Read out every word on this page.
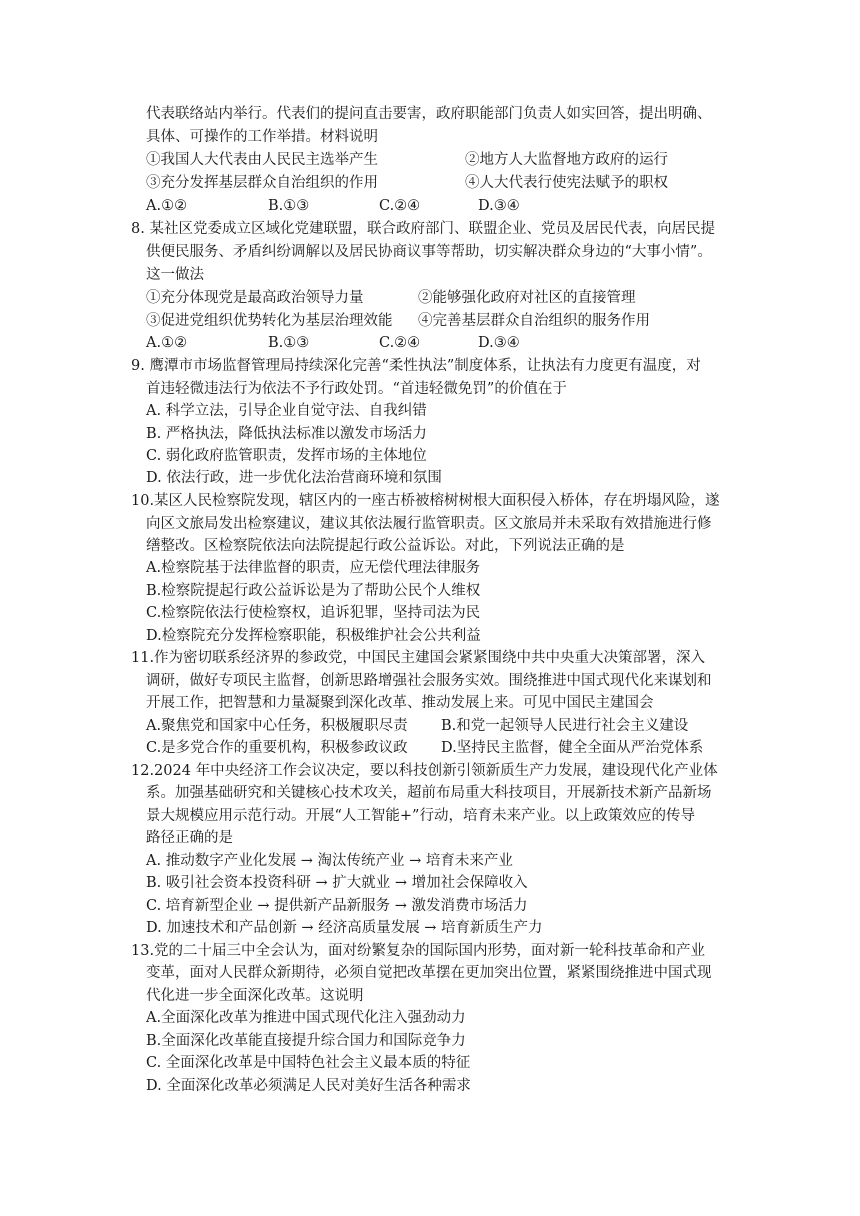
代表联络站内举行。代表们的提问直击要害，政府职能部门负责人如实回答，提出明确、
具体、可操作的工作举措。材料说明
①我国人大代表由人民民主选举产生	②地方人大监督地方政府的运行
③充分发挥基层群众自治组织的作用	④人大代表行使宪法赋予的职权
A.①②	B.①③	C.②④	D.③④
8. 某社区党委成立区域化党建联盟，联合政府部门、联盟企业、党员及居民代表，向居民提
供便民服务、矛盾纠纷调解以及居民协商议事等帮助，切实解决群众身边的“大事小情”。
这一做法
①充分体现党是最高政治领导力量	②能够强化政府对社区的直接管理
③促进党组织优势转化为基层治理效能 ④完善基层群众自治组织的服务作用
A.①②	B.①③	C.②④	D.③④
9. 鹰潭市市场监督管理局持续深化完善“柔性执法”制度体系，让执法有力度更有温度，对
首违轻微违法行为依法不予行政处罚。“首违轻微免罚”的价值在于
A. 科学立法，引导企业自觉守法、自我纠错
B. 严格执法，降低执法标准以激发市场活力
C. 弱化政府监管职责，发挥市场的主体地位
D. 依法行政，进一步优化法治营商环境和氛围
10.某区人民检察院发现，辖区内的一座古桥被榕树树根大面积侵入桥体，存在坍塌风险，遂
向区文旅局发出检察建议，建议其依法履行监管职责。区文旅局并未采取有效措施进行修
缮整改。区检察院依法向法院提起行政公益诉讼。对此，下列说法正确的是
A.检察院基于法律监督的职责，应无偿代理法律服务
B.检察院提起行政公益诉讼是为了帮助公民个人维权
C.检察院依法行使检察权，追诉犯罪，坚持司法为民
D.检察院充分发挥检察职能，积极维护社会公共利益
11.作为密切联系经济界的参政党，中国民主建国会紧紧围绕中共中央重大决策部署，深入
调研，做好专项民主监督，创新思路增强社会服务实效。围绕推进中国式现代化来谋划和
开展工作，把智慧和力量凝聚到深化改革、推动发展上来。可见中国民主建国会
A.聚焦党和国家中心任务，积极履职尽责 B.和党一起领导人民进行社会主义建设
C.是多党合作的重要机构，积极参政议政 D.坚持民主监督，健全全面从严治党体系
12.2024 年中央经济工作会议决定，要以科技创新引领新质生产力发展，建设现代化产业体
系。加强基础研究和关键核心技术攻关，超前布局重大科技项目，开展新技术新产品新场
景大规模应用示范行动。开展“人工智能+”行动，培育未来产业。以上政策效应的传导
路径正确的是
A. 推动数字产业化发展 → 淘汰传统产业 → 培育未来产业
B. 吸引社会资本投资科研 → 扩大就业 → 增加社会保障收入
C. 培育新型企业 → 提供新产品新服务 → 激发消费市场活力
D. 加速技术和产品创新 → 经济高质量发展 → 培育新质生产力
13.党的二十届三中全会认为，面对纷繁复杂的国际国内形势，面对新一轮科技革命和产业
变革，面对人民群众新期待，必须自觉把改革摆在更加突出位置，紧紧围绕推进中国式现
代化进一步全面深化改革。这说明
A.全面深化改革为推进中国式现代化注入强劲动力
B.全面深化改革能直接提升综合国力和国际竞争力
C. 全面深化改革是中国特色社会主义最本质的特征
D. 全面深化改革必须满足人民对美好生活各种需求
